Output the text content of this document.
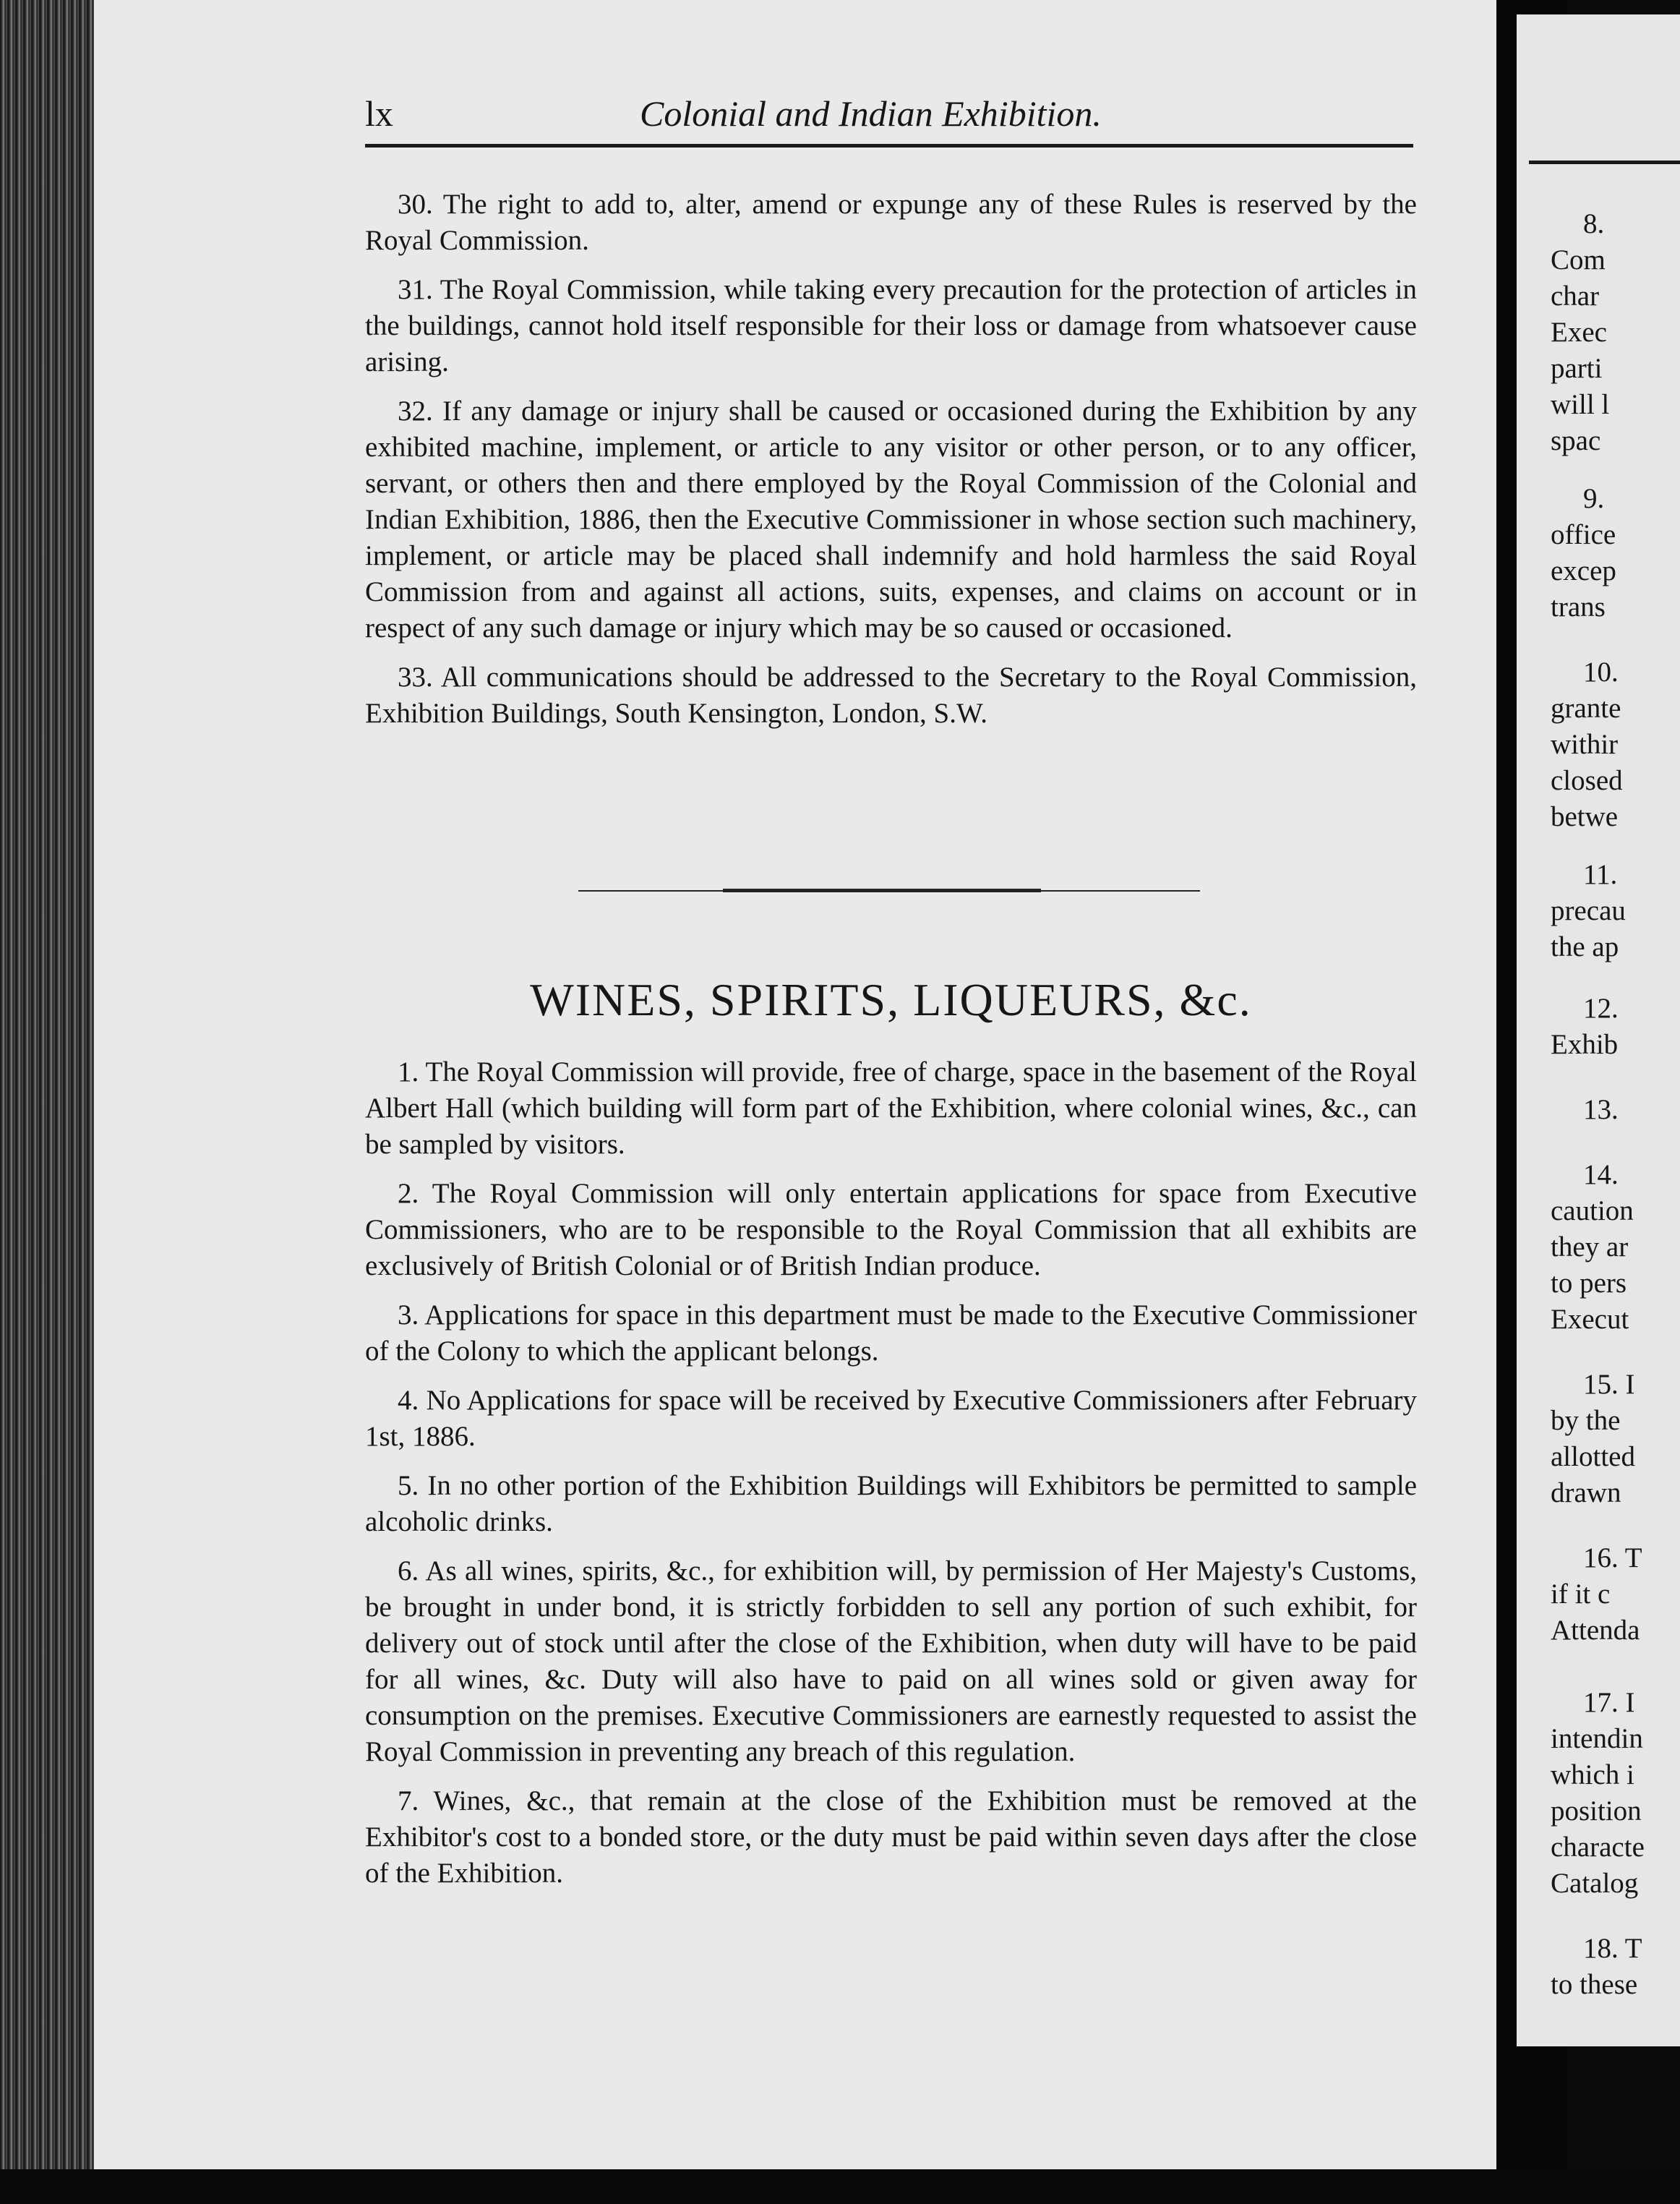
lx	Colonial and Indian Exhibition.

30. The right to add to, alter, amend or expunge any of these Rules is reserved by the Royal Commission.

31. The Royal Commission, while taking every precaution for the protection of articles in the buildings, cannot hold itself responsible for their loss or damage from whatsoever cause arising.

32. If any damage or injury shall be caused or occasioned during the Exhibition by any exhibited machine, implement, or article to any visitor or other person, or to any officer, servant, or others then and there employed by the Royal Commission of the Colonial and Indian Exhibition, 1886, then the Executive Commissioner in whose section such machinery, implement, or article may be placed shall indemnify and hold harmless the said Royal Commission from and against all actions, suits, expenses, and claims on account or in respect of any such damage or injury which may be so caused or occasioned.

33. All communications should be addressed to the Secretary to the Royal Commission, Exhibition Buildings, South Kensington, London, S.W.

WINES, SPIRITS, LIQUEURS, &c.

1. The Royal Commission will provide, free of charge, space in the basement of the Royal Albert Hall (which building will form part of the Exhibition, where colonial wines, &c., can be sampled by visitors.

2. The Royal Commission will only entertain applications for space from Executive Commissioners, who are to be responsible to the Royal Commission that all exhibits are exclusively of British Colonial or of British Indian produce.

3. Applications for space in this department must be made to the Executive Commissioner of the Colony to which the applicant belongs.

4. No Applications for space will be received by Executive Commissioners after February 1st, 1886.

5. In no other portion of the Exhibition Buildings will Exhibitors be permitted to sample alcoholic drinks.

6. As all wines, spirits, &c., for exhibition will, by permission of Her Majesty's Customs, be brought in under bond, it is strictly forbidden to sell any portion of such exhibit, for delivery out of stock until after the close of the Exhibition, when duty will have to be paid for all wines, &c. Duty will also have to paid on all wines sold or given away for consumption on the premises. Executive Commissioners are earnestly requested to assist the Royal Commission in preventing any breach of this regulation.

7. Wines, &c., that remain at the close of the Exhibition must be removed at the Exhibitor's cost to a bonded store, or the duty must be paid within seven days after the close of the Exhibition.

8.
Com
char
Exec
parti
will l
spac
9.
office
excep
trans
10.
grante
withir
closed
betwe
11.
precau
the ap
12.
Exhib
13.
14.
caution
they ar
to pers
Execut
15. I
by the
allotted
drawn
16. T
if it c
Attenda
17. I
intendin
which i
position
characte
Catalog
18. T
to these
